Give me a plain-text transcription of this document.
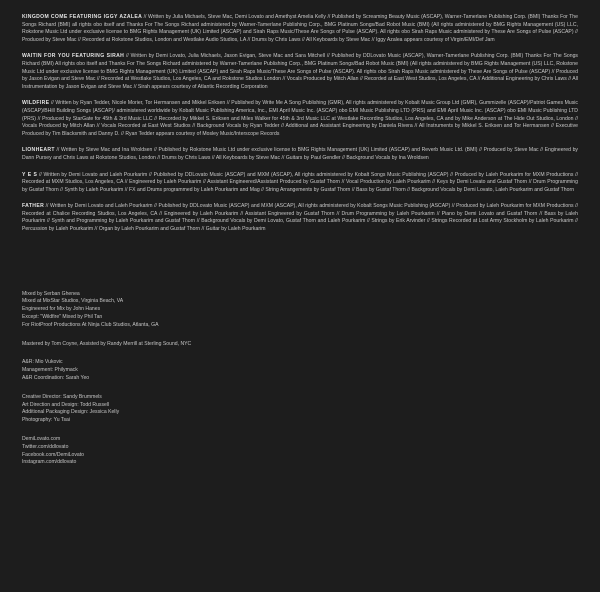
KINGDOM COME FEATURING IGGY AZALEA // Written by Julia Michaels, Steve Mac, Demi Lovato and Amethyst Amelia Kelly // Published by Screaming Beauty Music (ASCAP), Warner-Tamerlane Publishing Corp. (BMI) Thanks For The Songs Richard (BMI) all rights obo itself and Thanks For The Songs Richard administered by Warner-Tamerlane Publishing Corp., BMG Platinum Songs/Bad Robot Music (BMI) (All rights administered by BMG Rights Management (US) LLC, Rokstone Music Ltd under exclusive license to BMG Rights Management (UK) Limited (ASCAP) and Sirah Raps Music/These Are Songs of Pulse (ASCAP). All rights obo Sirah Raps Music administered by These Are Songs of Pulse (ASCAP) // Produced by Steve Mac // Recorded at Rokstone Studios, London and Westlake Audio Studios, LA // Drums by Chris Laws // All Keyboards by Steve Mac // Iggy Azalea appears courtesy of Virgin/EMI/Def Jam

WAITIN FOR YOU FEATURING SIRAH // Written by Demi Lovato, Julia Michaels, Jason Evigan, Steve Mac and Sara Mitchell // Published by DDLovato Music (ASCAP), Warner-Tamerlane Publishing Corp. (BMI) Thanks For The Songs Richard (BMI) All rights obo itself and Thanks For The Songs Richard administered by Warner-Tamerlane Publishing Corp., BMG Platinum Songs/Bad Robot Music (BMI) (All rights administered by BMG Rights Management (US) LLC, Rokstone Music Ltd under exclusive license to BMG Rights Management (UK) Limited (ASCAP) and Sirah Raps Music/These Are Songs of Pulse (ASCAP). All rights obo Sirah Raps Music administered by These Are Songs of Pulse (ASCAP) // Produced by Jason Evigan and Steve Mac // Recorded at Westlake Studios, Los Angeles, CA and Rokstone Studios London // Vocals Produced by Mitch Allan // Recorded at East West Studios, Los Angeles, CA // Additional Engineering by Chris Laws // All Instrumentation by Jason Evigan and Steve Mac // Sirah appears courtesy of Atlantic Recording Corporation

WILDFIRE // Written by Ryan Tedder, Nicole Morier, Tor Hermansen and Mikkel Eriksen // Published by Write Me A Song Publishing (GMR), All rights administered by Kobalt Music Group Ltd (GMR), Gummizelle (ASCAP)/Patriot Games Music (ASCAP)/BHill Building Songs (ASCAP)/ administered worldwide by Kobalt Music Publishing America, Inc., EMI April Music Inc. (ASCAP) obo EMI Music Publishing LTD (PRS) and EMI April Music Inc. (ASCAP) obo EMI Music Publishing LTD (PRS) // Produced by StarGate for 45th & 3rd Music LLC // Recorded by Mikkel S. Eriksen and Miles Walker for 45th & 3rd Music LLC at Westlake Recording Studios, Los Angeles, CA and by Mike Anderson at The Hide Out Studios, London // Vocals Produced by Mitch Allan // Vocals Recorded at East West Studios // Background Vocals by Ryan Tedder // Additional and Assistant Engineering by Daniela Rivera // All Instruments by Mikkel S. Eriksen and Tor Hermansen // Executive Produced by Tim Blacksmith and Danny D. // Ryan Tedder appears courtesy of Mosley Music/Interscope Records

LIONHEART // Written by Steve Mac and Ina Wroldsen // Published by Rokstone Music Ltd under exclusive license to BMG Rights Management (UK) Limited (ASCAP) and Reverb Music Ltd. (BMI) // Produced by Steve Mac // Engineered by Dann Pursey and Chris Laws at Rokstone Studios, London // Drums by Chris Laws // All Keyboards by Steve Mac // Guitars by Paul Gendler // Background Vocals by Ina Wroldsen

Y E S // Written by Demi Lovato and Laleh Pourkarim // Published by DDLovato Music (ASCAP) and MXM (ASCAP), All rights administered by Kobalt Songs Music Publishing (ASCAP) // Produced by Laleh Pourkarim for MXM Productions // Recorded at MXM Studios, Los Angeles, CA // Engineered by Laleh Pourkarim // Assistant Engineered/Assistant Produced by Gustaf Thorn // Vocal Production by Laleh Pourkarim // Keys by Demi Lovato and Gustaf Thorn // Drum Programming by Gustaf Thorn // Synth by Laleh Pourkarim // FX and Drums programmed by Laleh Pourkarim and Mag // String Arrangements by Gustaf Thorn // Bass by Gustaf Thorn // Background Vocals by Demi Lovato, Laleh Pourkarim and Gustaf Thorn

FATHER // Written by Demi Lovato and Laleh Pourkarim // Published by DDLovato Music (ASCAP) and MXM (ASCAP), All rights administered by Kobalt Songs Music Publishing (ASCAP) // Produced by Laleh Pourkarim for MXM Productions // Recorded at Chalice Recording Studios, Los Angeles, CA // Engineered by Laleh Pourkarim // Assistant Engineered by Gustaf Thorn // Drum Programming by Laleh Pourkarim // Piano by Demi Lovato and Gustaf Thorn // Bass by Laleh Pourkarim // Synth and Programming by Laleh Pourkarim and Gustaf Thorn // Background Vocals by Demi Lovato, Gustaf Thorn and Laleh Pourkarim // Strings by Erik Arvinder // Strings Recorded at Lost Army Stockholm by Laleh Pourkarim // Percussion by Laleh Pourkarim // Organ by Laleh Pourkarim and Gustaf Thorn // Guitar by Laleh Pourkarim

Mixed by Serban Ghenea

Mixed at MixStar Studios, Virginia Beach, VA

Engineered for Mix by John Hanes

Except: "Wildfire" Mixed by Phil Tan

For RiotProof Productions At Ninja Club Studios, Atlanta, GA

Mastered by Tom Coyne, Assisted by Randy Merrill at Sterling Sound, NYC

A&R: Mio Vukovic

Management: Philymack

A&R Coordination: Sarah Yeo

Creative Director: Sandy Brummels

Art Direction and Design: Todd Russell

Additional Packaging Design: Jessica Kelly

Photography: Yu Tsai

DemiLovato.com

Twitter.com/ddlovato

Facebook.com/DemiLovato

Instagram.com/ddlovato
